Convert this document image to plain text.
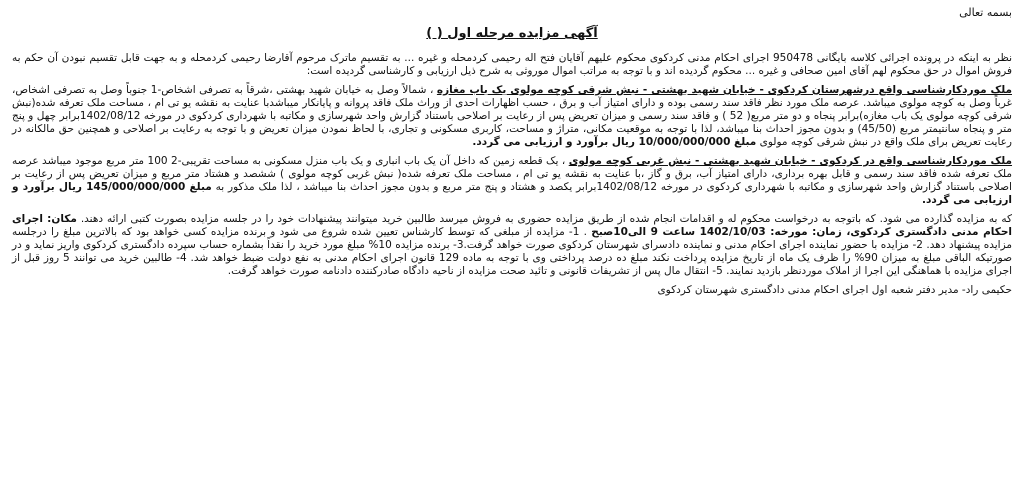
بسمه تعالی
آگهی مزایده مرحله اول ( )

نظر به اینکه در پرونده اجرائی کلاسه بایگانی 950478 اجرای احکام مدنی کردکوی محکوم علیهم آقایان فتح اله رحیمی کردمحله و غیره ... به تقسیم ماترک مرحوم آقارضا رحیمی کردمحله و به جهت قابل تقسیم نبودن آن حکم به فروش اموال در حق محکوم لهم آقای امین صحافی و غیره ... محکوم گردیده اند و با توجه به مراتب اموال موروثی به شرح ذیل ارزیابی و کارشناسی گردیده است:

ملک موردکارشناسی واقع درشهرستان کردکوی - خیابان شهید بهشتی - نبش شرقی کوچه مولوی یک باب مغازه ، شمالاً وصل به خیابان شهید بهشتی ،شرقاً به تصرفی اشخاص-1 جنوباً وصل به تصرفی اشخاص، غرباً وصل به کوچه مولوی میباشد. عرصه ملک مورد نظر فاقد سند رسمی بوده و دارای امتیاز آب و برق ، حسب اظهارات احدی از وراث ملک فاقد پروانه و پایانکار میباشدبا عنایت به نقشه یو تی ام ، مساحت ملک تعرفه شده(نبش شرقی کوچه مولوی یک باب مغازه)برابر پنجاه و دو متر مربع( 52 ) و فاقد سند رسمی و میزان تعریض پس از رعایت بر اصلاحی باستناد گزارش واحد شهرسازی و مکاتبه با شهرداری کردکوی در مورخه 1402/08/12برابر چهل و پنج متر و پنجاه سانتیمتر مربع (45/50) و بدون مجوز احداث بنا میباشد، لذا با توجه به موقعیت مکانی، متراژ و مساحت، کاربری مسکونی و تجاری، با لحاظ نمودن میزان تعریض و با توجه به رعایت بر اصلاحی و همچنین حق مالکانه در رعایت تعریض برای ملک واقع در نبش شرقی کوچه مولوی مبلغ 10/000/000/000 ریال برآورد و ارزیابی می گردد.

ملک موردکارشناسی واقع در کردکوی - خیابان شهید بهشتی - نبش غربی کوچه مولوی ، یک قطعه زمین که داخل آن یک باب انباری و یک باب منزل مسکونی به مساحت تقریبی-2 100 متر مربع موجود میباشد عرصه ملک تعرفه شده فاقد سند رسمی و قابل بهره برداری، دارای امتیاز آب، برق و گاز ،با عنایت به نقشه یو تی ام ، مساحت ملک تعرفه شده( نبش غربی کوچه مولوی ) ششصد و هشتاد متر مربع و میزان تعریض پس از رعایت بر اصلاحی باستناد گزارش واحد شهرسازی و مکاتبه با شهرداری کردکوی در مورخه 1402/08/12برابر یکصد و هشتاد و پنج متر مربع و بدون مجوز احداث بنا میباشد ، لذا ملک مذکور به مبلغ 145/000/000/000 ریال برآورد و ارزیابی می گردد.

که به مزایده گذارده می شود. که باتوجه به درخواست محکوم له و اقدامات انجام شده از طریق مزایده حضوری به فروش میرسد طالبین خرید میتوانند پیشنهادات خود را در جلسه مزایده بصورت کتبی ارائه دهند. مکان: اجرای احکام مدنی دادگستری کردکوی، زمان: مورخه: 1402/10/03 ساعت 9 الی10صبح . 1- مزایده از مبلغی که توسط کارشناس تعیین شده شروع می شود و برنده مزایده کسی خواهد بود که بالاترین مبلغ را درجلسه مزایده پیشنهاد دهد. 2- مزایده با حضور نماینده اجرای احکام مدنی و نماینده دادسرای شهرستان کردکوی صورت خواهد گرفت.3- برنده مزایده 10% مبلغ مورد خرید را نقداً بشماره حساب سپرده دادگستری کردکوی واریز نماید و در صورتیکه الباقی مبلغ به میزان 90% را ظرف یک ماه از تاریخ مزایده پرداخت نکند مبلغ ده درصد پرداختی وی با توجه به ماده 129 قانون اجرای احکام مدنی به نفع دولت ضبط خواهد شد. 4- طالبین خرید می توانند 5 روز قبل از اجرای مزایده با هماهنگی این اجرا از املاک موردنظر بازدید نمایند. 5- انتقال مال پس از تشریفات قانونی و تائید صحت مزایده از ناحیه دادگاه صادرکننده دادنامه صورت خواهد گرفت.

حکیمی راد- مدیر دفتر شعبه اول اجرای احکام مدنی دادگستری شهرستان کردکوی
